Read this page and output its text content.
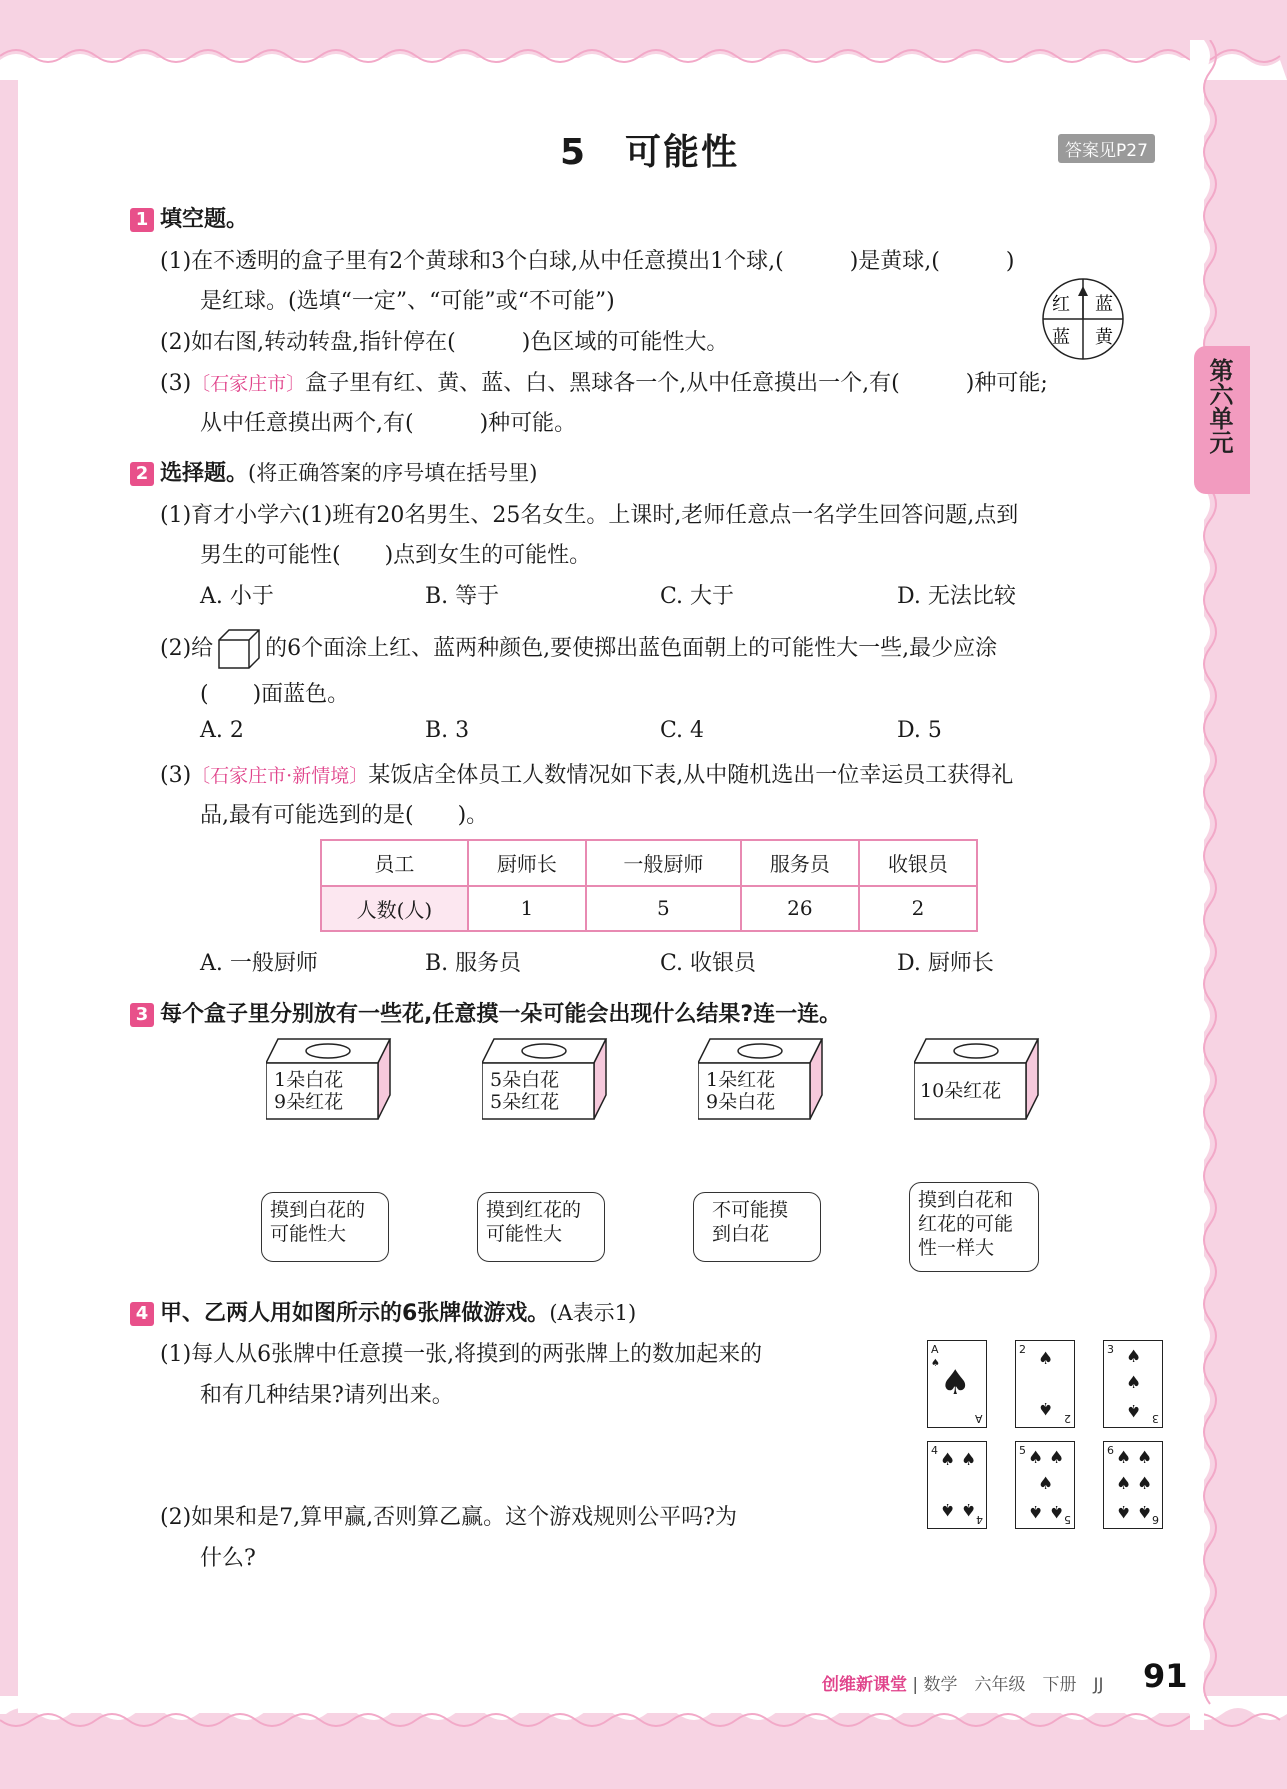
5　可能性	答案见P27
第六单元
1 填空题。
(1)在不透明的盒子里有2个黄球和3个白球,从中任意摸出1个球,(　　　)是黄球,(　　　)
是红球。(选填“一定”、“可能”或“不可能”)
(2)如右图,转动转盘,指针停在(　　　)色区域的可能性大。
(3)〔石家庄市〕盒子里有红、黄、蓝、白、黑球各一个,从中任意摸出一个,有(　　　)种可能;
从中任意摸出两个,有(　　　)种可能。
红 蓝
蓝 黄
2 选择题。(将正确答案的序号填在括号里)
(1)育才小学六(1)班有20名男生、25名女生。上课时,老师任意点一名学生回答问题,点到
男生的可能性(　　)点到女生的可能性。
A. 小于	B. 等于	C. 大于	D. 无法比较
(2)给 的6个面涂上红、蓝两种颜色,要使掷出蓝色面朝上的可能性大一些,最少应涂
(　　)面蓝色。
A. 2	B. 3	C. 4	D. 5
(3)〔石家庄市·新情境〕某饭店全体员工人数情况如下表,从中随机选出一位幸运员工获得礼
品,最有可能选到的是(　　)。
员工	厨师长	一般厨师	服务员	收银员
人数(人)	1	5	26	2
A. 一般厨师	B. 服务员	C. 收银员	D. 厨师长
3 每个盒子里分别放有一些花,任意摸一朵可能会出现什么结果?连一连。
1朵白花
9朵红花
5朵白花
5朵红花
1朵红花
9朵白花	10朵红花
摸到白花的
可能性大
摸到红花的
可能性大
不可能摸
到白花
摸到白花和
红花的可能
性一样大
4 甲、乙两人用如图所示的6张牌做游戏。(A表示1)
(1)每人从6张牌中任意摸一张,将摸到的两张牌上的数加起来的
和有几种结果?请列出来。
(2)如果和是7,算甲赢,否则算乙赢。这个游戏规则公平吗?为
什么?
A
♠ ♠
A
2 ♠
♠
2
3 ♠
♠
♠ 3
4 ♠ ♠
♠ ♠
4
5 ♠ ♠
♠
♠ ♠ 5
6 ♠ ♠
♠ ♠
♠ ♠ 6
创维新课堂 | 数学　六年级　下册　JJ 91
